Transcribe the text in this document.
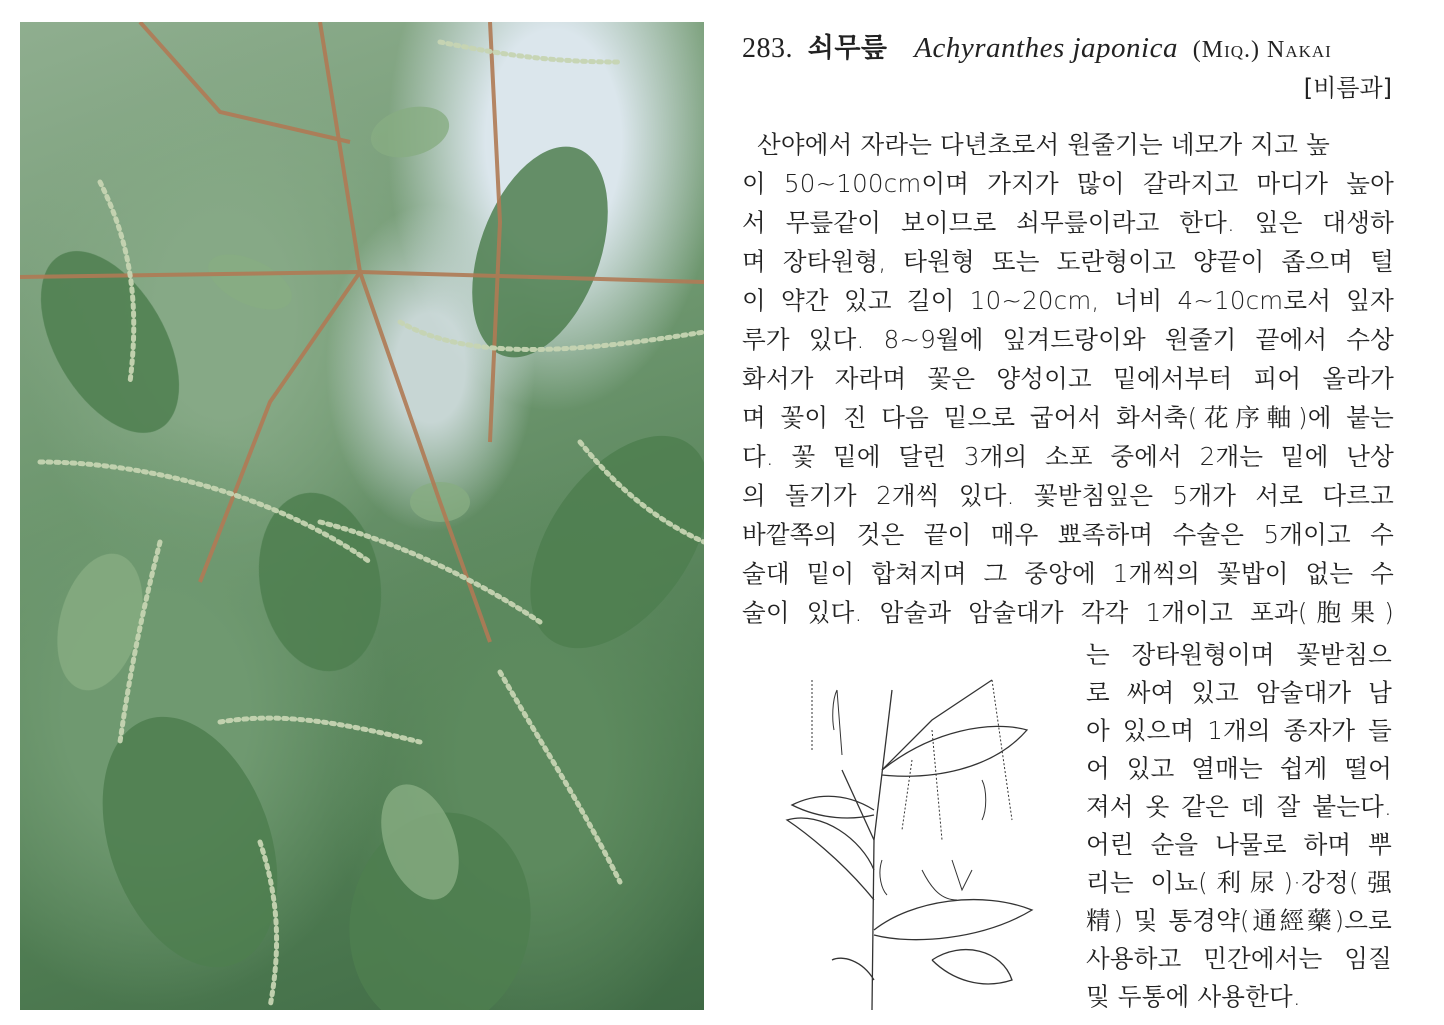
283. 쇠무릎 Achyranthes japonica (Miq.) Nakai
[비름과]
산야에서 자라는 다년초로서 원줄기는 네모가 지고 높
이 50~100cm이며 가지가 많이 갈라지고 마디가 높아
서 무릎같이 보이므로 쇠무릎이라고 한다. 잎은 대생하
며 장타원형, 타원형 또는 도란형이고 양끝이 좁으며 털
이 약간 있고 길이 10~20cm, 너비 4~10cm로서 잎자
루가 있다. 8~9월에 잎겨드랑이와 원줄기 끝에서 수상
화서가 자라며 꽃은 양성이고 밑에서부터 피어 올라가
며 꽃이 진 다음 밑으로 굽어서 화서축(花序軸)에 붙는
다. 꽃 밑에 달린 3개의 소포 중에서 2개는 밑에 난상
의 돌기가 2개씩 있다. 꽃받침잎은 5개가 서로 다르고
바깥쪽의 것은 끝이 매우 뾰족하며 수술은 5개이고 수
술대 밑이 합쳐지며 그 중앙에 1개씩의 꽃밥이 없는 수
술이 있다. 암술과 암술대가 각각 1개이고 포과(胞果)
는 장타원형이며 꽃받침으
로 싸여 있고 암술대가 남
아 있으며 1개의 종자가 들
어 있고 열매는 쉽게 떨어
져서 옷 같은 데 잘 붙는다.
어린 순을 나물로 하며 뿌
리는 이뇨(利尿)·강정(强
精) 및 통경약(通經藥)으로
사용하고 민간에서는 임질
및 두통에 사용한다.
